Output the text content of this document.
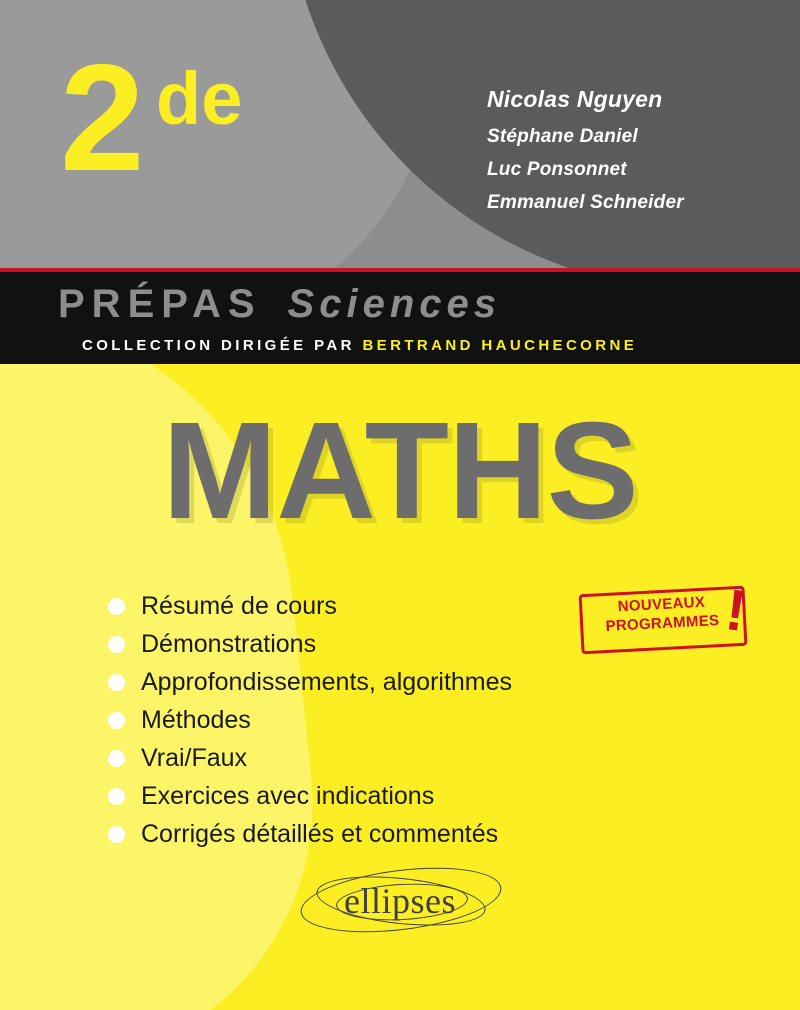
2 de	Nicolas Nguyen
Stéphane Daniel
Luc Ponsonnet
Emmanuel Schneider
PRÉPAS Sciences
COLLECTION DIRIGÉE PAR BERTRAND HAUCHECORNE
MATHS
Résumé de cours
Démonstrations
Approfondissements, algorithmes
Méthodes
Vrai/Faux
Exercices avec indications
Corrigés détaillés et commentés
NOUVEAUX
PROGRAMMES !
ellipses
